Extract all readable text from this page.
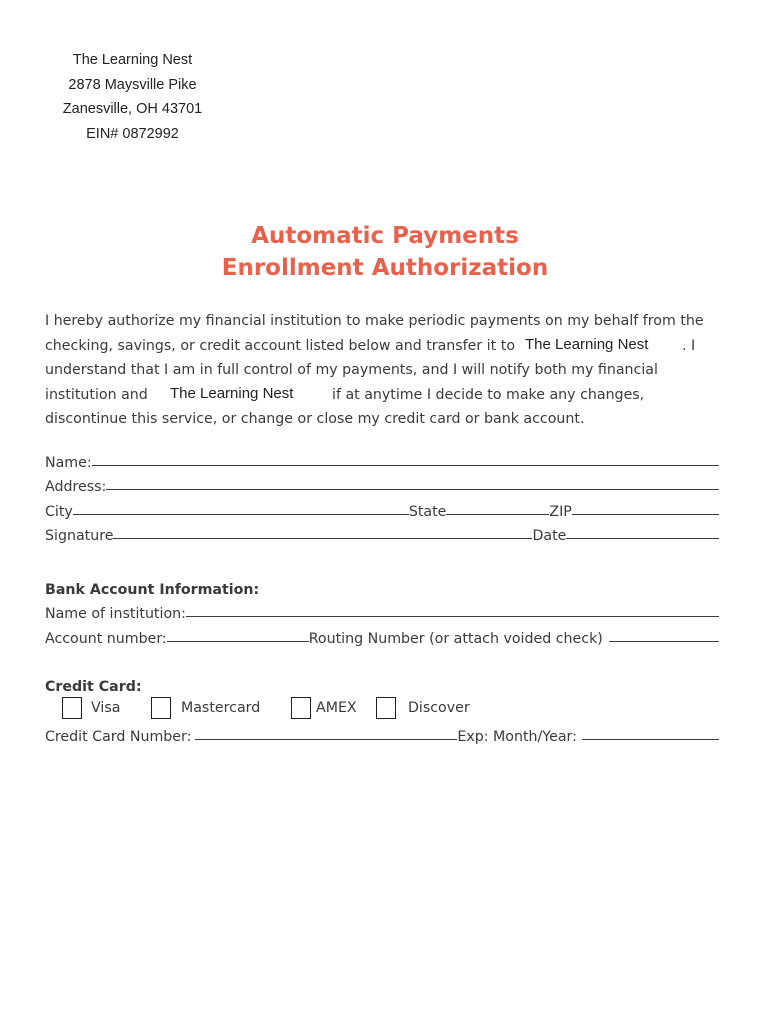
The Learning Nest
2878 Maysville Pike
Zanesville, OH 43701
EIN# 0872992
Automatic Payments
Enrollment Authorization
I hereby authorize my financial institution to make periodic payments on my behalf from the
checking, savings, or credit account listed below and transfer it to The Learning Nest . I
understand that I am in full control of my payments, and I will notify both my financial
institution and The Learning Nest	if at anytime I decide to make any changes,
discontinue this service, or change or close my credit card or bank account.
Name:
Address:
City	State	ZIP
Signature	Date
Bank Account Information:
Name of institution:
Account number:	Routing Number (or attach voided check)
Credit Card:
Visa	Mastercard	AMEX	Discover
Credit Card Number:	Exp: Month/Year:
